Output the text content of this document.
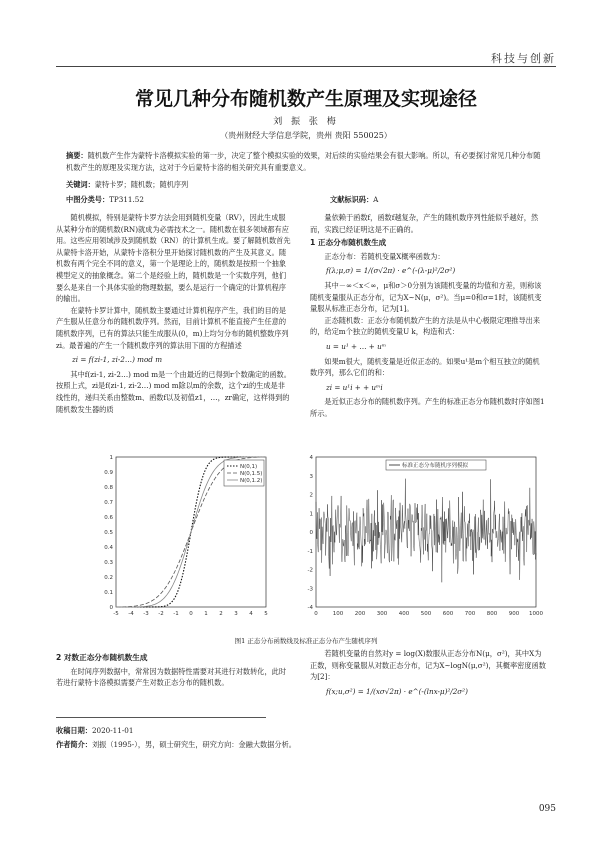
科技与创新
常见几种分布随机数产生原理及实现途径
刘 振 张 梅
（贵州财经大学信息学院，贵州 贵阳 550025）
摘要：随机数产生作为蒙特卡洛模拟实验的第一步，决定了整个模拟实验的效果，对后续的实验结果会有很大影响。所以，有必要探讨常见几种分布随机数产生的原理及实现方法，这对于今后蒙特卡洛的相关研究具有重要意义。
关键词：蒙特卡罗；随机数；随机序列
中图分类号：TP311.52	文献标识码：A

随机模拟，特别是蒙特卡罗方法会用到随机变量（RV），因此生成服从某种分布的随机数(RN)就成为必需技术之一。随机数在很多领域都有应用。这些应用领域涉及到随机数（RN）的计算机生成。要了解随机数首先从蒙特卡洛开始，从蒙特卡洛积分里开始探讨随机数的产生及其意义。随机数有两个完全不同的意义，第一个是理论上的，随机数是按照一个抽象模型定义的抽象概念。第二个是经验上的，随机数是一个实数序列，他们要么是来自一个具体实验的物理数据，要么是运行一个确定的计算机程序的输出。

在蒙特卡罗计算中，随机数主要通过计算机程序产生，我们的目的是产生服从任意分布的随机数序列。然而，目前计算机不能直接产生任意的随机数序列，已有的算法只能生成服从(0，m)上均匀分布的随机整数序列zi。最普遍的产生一个随机数序列的算法用下面的方程描述

zi = f(zi-1, zi-2…) mod m

其中f(zi-1, zi-2…) mod m是一个由最近的已得到r个数确定的函数。按照上式，zi是f(zi-1, zi-2…) mod m除以m的余数，这个zi的生成是非线性的，递归关系由整数m、函数f以及初值z1，…，zr确定，这样得到的随机数发生器的质

量依赖于函数f，函数f越复杂，产生的随机数序列性能似乎越好，然而，实践已经证明这是不正确的。

1 正态分布随机数生成

正态分布：若随机变量X概率函数为：

f(λ;μ,σ) = 1/(σ√2π) · e^(-(λ-μ)²/2σ²)

其中－∞＜x＜∞，μ和σ＞0分别为该随机变量的均值和方差，则称该随机变量服从正态分布，记为X~N(μ，σ²)。当μ=0和σ=1时，该随机变量服从标准正态分布，记为[1]。

正态随机数：正态分布随机数产生的方法是从中心极限定理推导出来的，给定m个独立的随机变量U k，构造和式：

u = u¹ + … + uᵐ

如果m很大，随机变量是近似正态的。如果u¹是m个相互独立的随机数序列，那么它们的和：

zi = u¹i + + uᵐi

是近似正态分布的随机数序列。产生的标准正态分布随机数时序如图1所示。

N(0,1)
N(0,1.5)
N(0,1.2)
-5 -4 -3 -2 -1 0 1 2 3 4 5
0
0.1
0.2
0.3
0.4
0.5
0.6
0.7
0.8
0.9
1
标准正态分布随机序列模拟
0	100 200 300 400 500 600 700 800 900 1000
-4
-3
-2
-1
0
1
2
3
4
图1 正态分布函数线及标准正态分布产生随机序列
2 对数正态分布随机数生成

在时间序列数据中，常常因为数据特性需要对其进行对数转化，此时若进行蒙特卡洛模拟需要产生对数正态分布的随机数。

若随机变量的自然对y = log(X)数服从正态分布N(μ，σ²)，其中X为正数，则称变量服从对数正态分布，记为X~logN(μ,σ²)，其概率密度函数为[2]：

f(x;u,σ²) = 1/(xσ√2π) · e^(-(lnx-μ)²/2σ²)

收稿日期：2020-11-01
作者简介：刘振（1995-），男，硕士研究生，研究方向：金融大数据分析。
095
